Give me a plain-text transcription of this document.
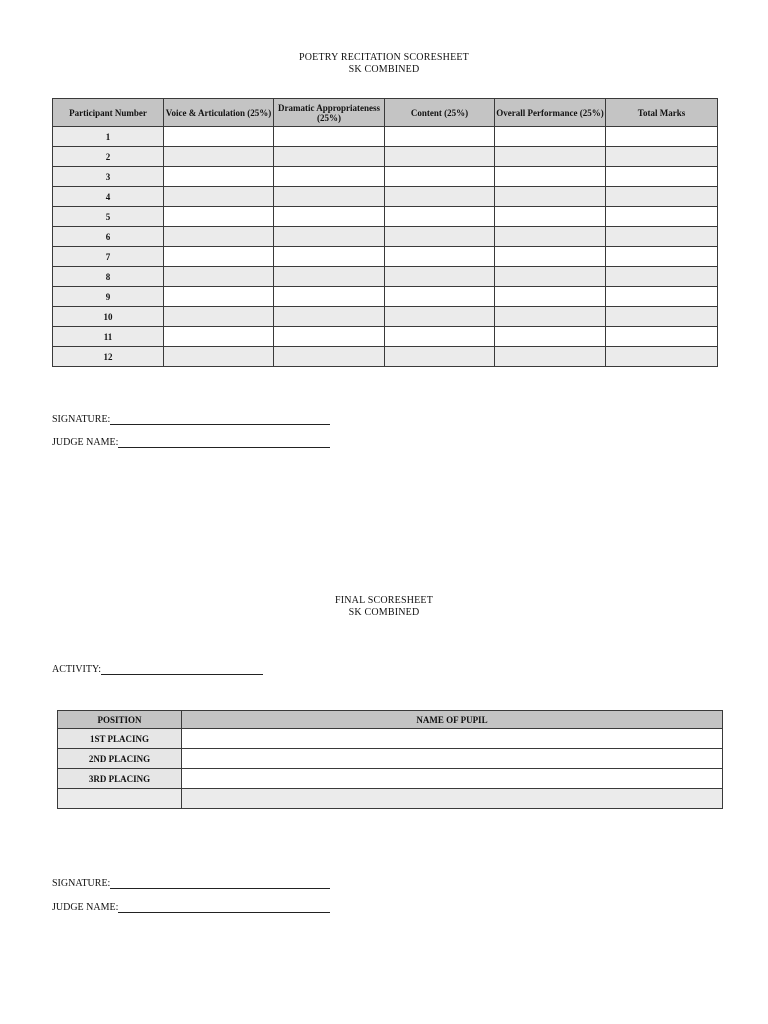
POETRY RECITATION SCORESHEET
SK COMBINED
Participant Number	Voice & Articulation (25%)	Dramatic Appropriateness (25%)	Content (25%)	Overall Performance (25%)	Total Marks
1					
2					
3					
4					
5					
6					
7					
8					
9					
10					
11					
12					
SIGNATURE:
JUDGE NAME:
FINAL SCORESHEET
SK COMBINED
ACTIVITY:
POSITION	NAME OF PUPIL
1ST PLACING	
2ND PLACING	
3RD PLACING	

SIGNATURE:
JUDGE NAME:
